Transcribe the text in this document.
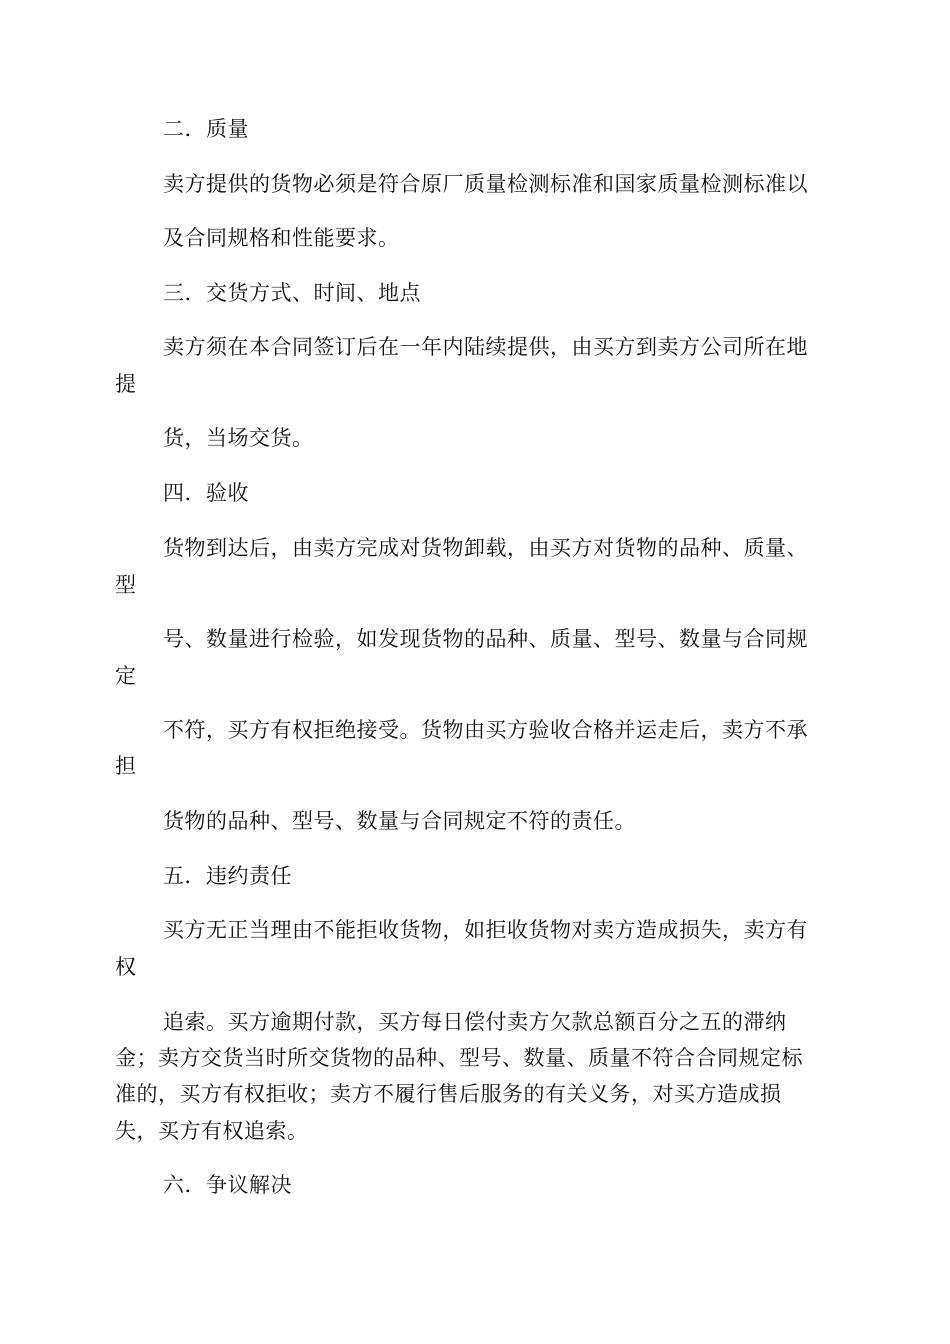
二．质量

卖方提供的货物必须是符合原厂质量检测标准和国家质量检测标准以

及合同规格和性能要求。

三．交货方式、时间、地点

卖方须在本合同签订后在一年内陆续提供，由买方到卖方公司所在地

提

货，当场交货。

四．验收

货物到达后，由卖方完成对货物卸载，由买方对货物的品种、质量、

型

号、数量进行检验，如发现货物的品种、质量、型号、数量与合同规

定

不符，买方有权拒绝接受。货物由买方验收合格并运走后，卖方不承

担

货物的品种、型号、数量与合同规定不符的责任。

五．违约责任

买方无正当理由不能拒收货物，如拒收货物对卖方造成损失，卖方有

权

追索。买方逾期付款，买方每日偿付卖方欠款总额百分之五的滞纳

金；卖方交货当时所交货物的品种、型号、数量、质量不符合合同规定标

准的，买方有权拒收；卖方不履行售后服务的有关义务，对买方造成损

失，买方有权追索。

六．争议解决
